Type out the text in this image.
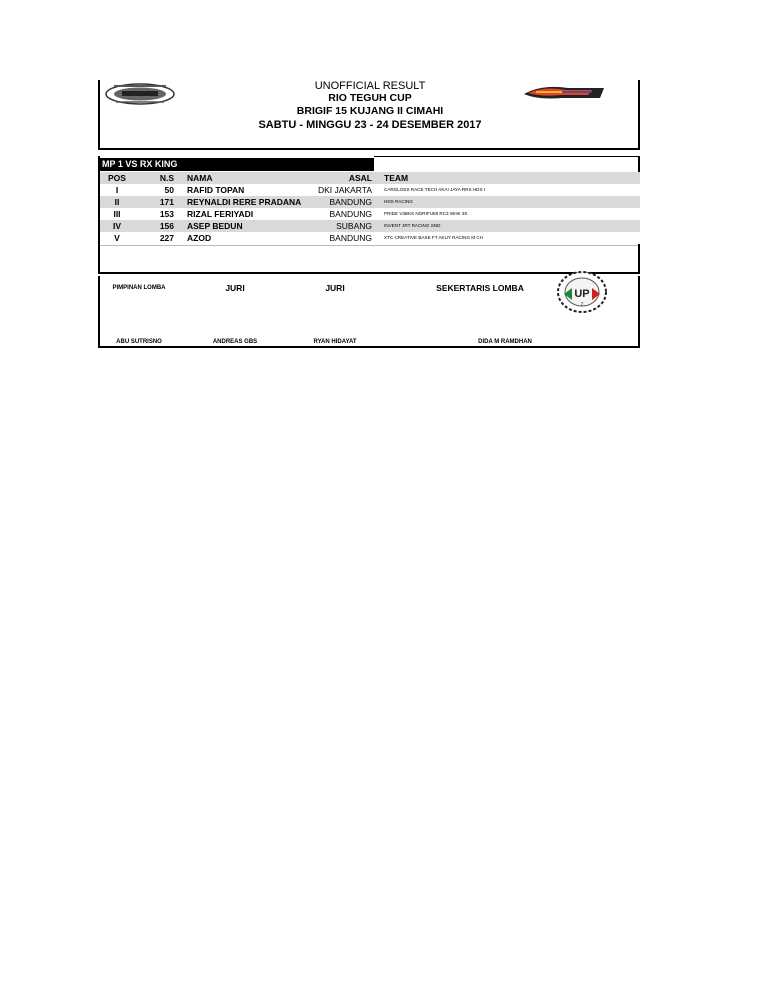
UNOFFICIAL RESULT
RIO TEGUH CUP
BRIGIF 15 KUJANG II CIMAHI
SABTU - MINGGU 23 - 24 DESEMBER 2017
MP 1 VS RX KING
POS	N.S NAMA	ASAL TEAM
I	50 RAFID TOPAN	DKI JAKARTA	CARGLOSS RACE TECH AKAI JAYA RRS HDS I
II	171 REYNALDI RERE PRADANA	BANDUNG	HDS RACING
III	153 RIZAL FERIYADI	BANDUNG	PRIDE V3BKS NORIFUMI RC3 WHK 3S
IV	156 ASEP BEDUN	SUBANG	INVENT JRT RACING SND
V	227 AZOD	BANDUNG	XTC CREATIVE BASE FT AKUY RACING M CH
PIMPINAN LOMBA	JURI	JURI	SEKERTARIS LOMBA	UP
2
ABU SUTRISNO	ANDREAS GBS	RYAN HIDAYAT	DIDA M RAMDHAN
